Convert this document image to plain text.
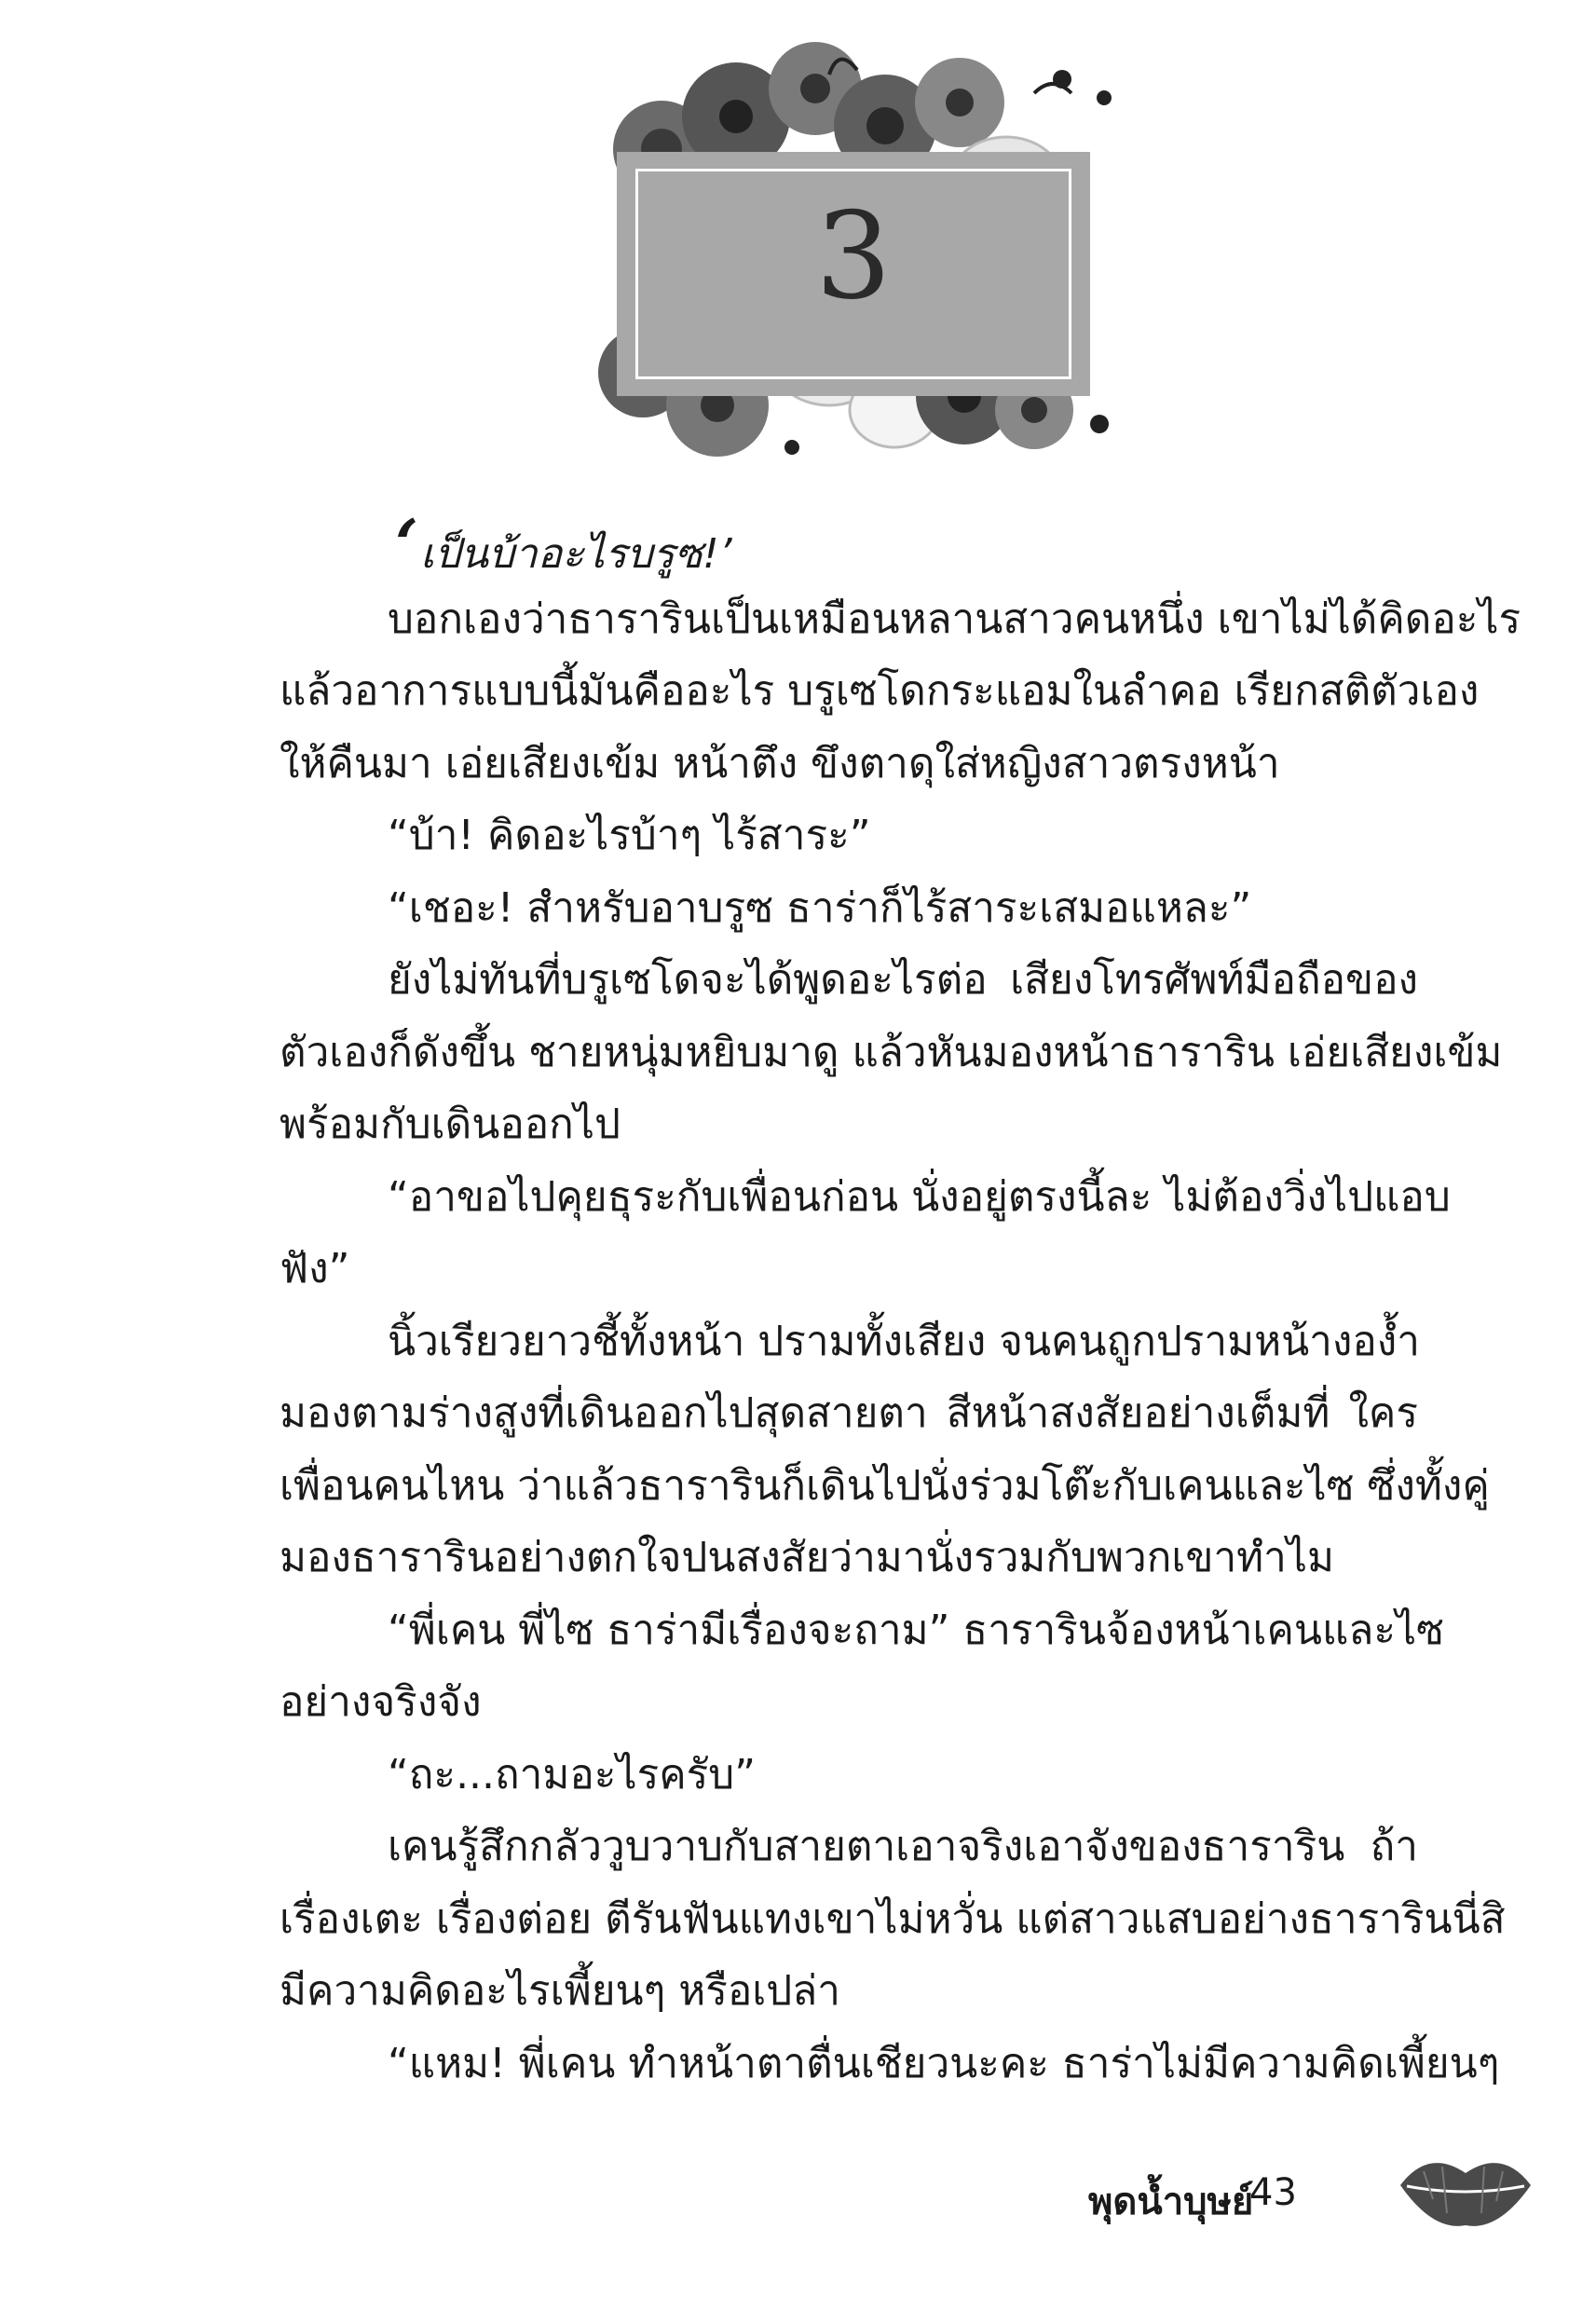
3
‘ เป็นบ้าอะไรบรูซ!’
บอกเองว่าธารารินเป็นเหมือนหลานสาวคนหนึ่ง เขาไม่ได้คิดอะไร
แล้วอาการแบบนี้มันคืออะไร บรูเซโดกระแอมในลำคอ เรียกสติตัวเอง
ให้คืนมา เอ่ยเสียงเข้ม หน้าตึง ขึงตาดุใส่หญิงสาวตรงหน้า
“บ้า! คิดอะไรบ้าๆ ไร้สาระ”
“เชอะ! สำหรับอาบรูซ ธาร่าก็ไร้สาระเสมอแหละ”
ยังไม่ทันที่บรูเซโดจะได้พูดอะไรต่อ เสียงโทรศัพท์มือถือของ
ตัวเองก็ดังขึ้น ชายหนุ่มหยิบมาดู แล้วหันมองหน้าธาราริน เอ่ยเสียงเข้ม
พร้อมกับเดินออกไป
“อาขอไปคุยธุระกับเพื่อนก่อน นั่งอยู่ตรงนี้ละ ไม่ต้องวิ่งไปแอบ
ฟัง”
นิ้วเรียวยาวชี้ทั้งหน้า ปรามทั้งเสียง จนคนถูกปรามหน้างอง้ำ
มองตามร่างสูงที่เดินออกไปสุดสายตา สีหน้าสงสัยอย่างเต็มที่ ใคร
เพื่อนคนไหน ว่าแล้วธารารินก็เดินไปนั่งร่วมโต๊ะกับเคนและไซ ซึ่งทั้งคู่
มองธารารินอย่างตกใจปนสงสัยว่ามานั่งรวมกับพวกเขาทำไม
“พี่เคน พี่ไซ ธาร่ามีเรื่องจะถาม” ธารารินจ้องหน้าเคนและไซ
อย่างจริงจัง
“ถะ...ถามอะไรครับ”
เคนรู้สึกกลัววูบวาบกับสายตาเอาจริงเอาจังของธาราริน ถ้า
เรื่องเตะ เรื่องต่อย ตีรันฟันแทงเขาไม่หวั่น แต่สาวแสบอย่างธารารินนี่สิ
มีความคิดอะไรเพี้ยนๆ หรือเปล่า
“แหม! พี่เคน ทำหน้าตาตื่นเชียวนะคะ ธาร่าไม่มีความคิดเพี้ยนๆ
พุดน้ำบุษย์
43
